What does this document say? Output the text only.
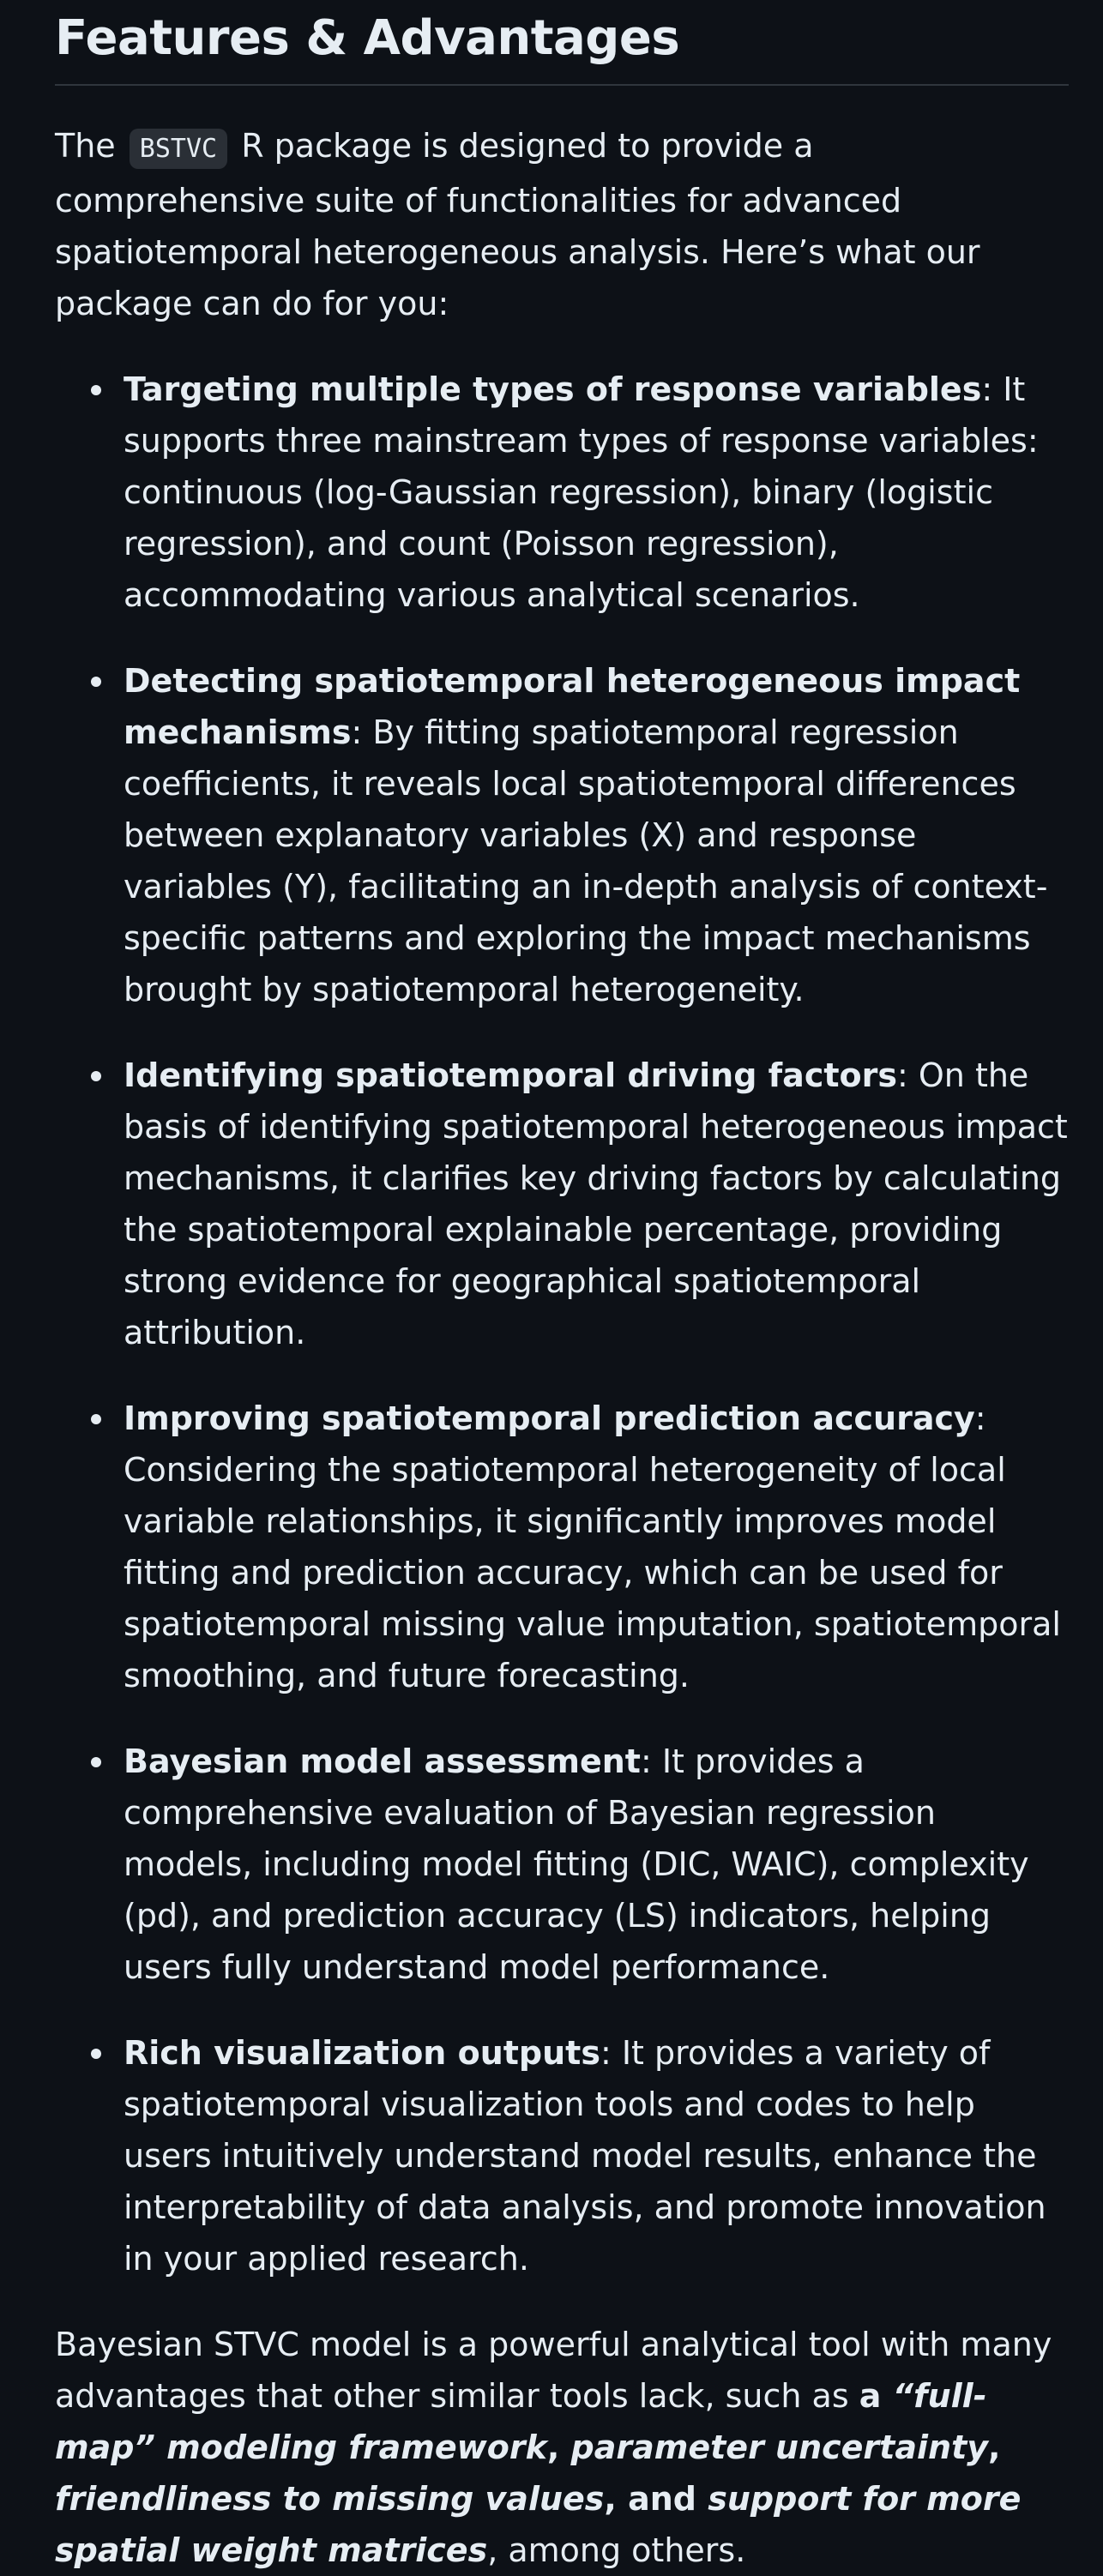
Features & Advantages

The BSTVC R package is designed to provide a comprehensive suite of functionalities for advanced spatiotemporal heterogeneous analysis. Here’s what our package can do for you:

Targeting multiple types of response variables: It supports three mainstream types of response variables: continuous (log-Gaussian regression), binary (logistic regression), and count (Poisson regression), accommodating various analytical scenarios.
Detecting spatiotemporal heterogeneous impact mechanisms: By fitting spatiotemporal regression coefficients, it reveals local spatiotemporal differences between explanatory variables (X) and response variables (Y), facilitating an in-depth analysis of context-specific patterns and exploring the impact mechanisms brought by spatiotemporal heterogeneity.
Identifying spatiotemporal driving factors: On the basis of identifying spatiotemporal heterogeneous impact mechanisms, it clarifies key driving factors by calculating the spatiotemporal explainable percentage, providing strong evidence for geographical spatiotemporal attribution.
Improving spatiotemporal prediction accuracy: Considering the spatiotemporal heterogeneity of local variable relationships, it significantly improves model fitting and prediction accuracy, which can be used for spatiotemporal missing value imputation, spatiotemporal smoothing, and future forecasting.
Bayesian model assessment: It provides a comprehensive evaluation of Bayesian regression models, including model fitting (DIC, WAIC), complexity (pd), and prediction accuracy (LS) indicators, helping users fully understand model performance.
Rich visualization outputs: It provides a variety of spatiotemporal visualization tools and codes to help users intuitively understand model results, enhance the interpretability of data analysis, and promote innovation in your applied research.

Bayesian STVC model is a powerful analytical tool with many advantages that other similar tools lack, such as a “full-map” modeling framework, parameter uncertainty, friendliness to missing values, and support for more spatial weight matrices, among others.
